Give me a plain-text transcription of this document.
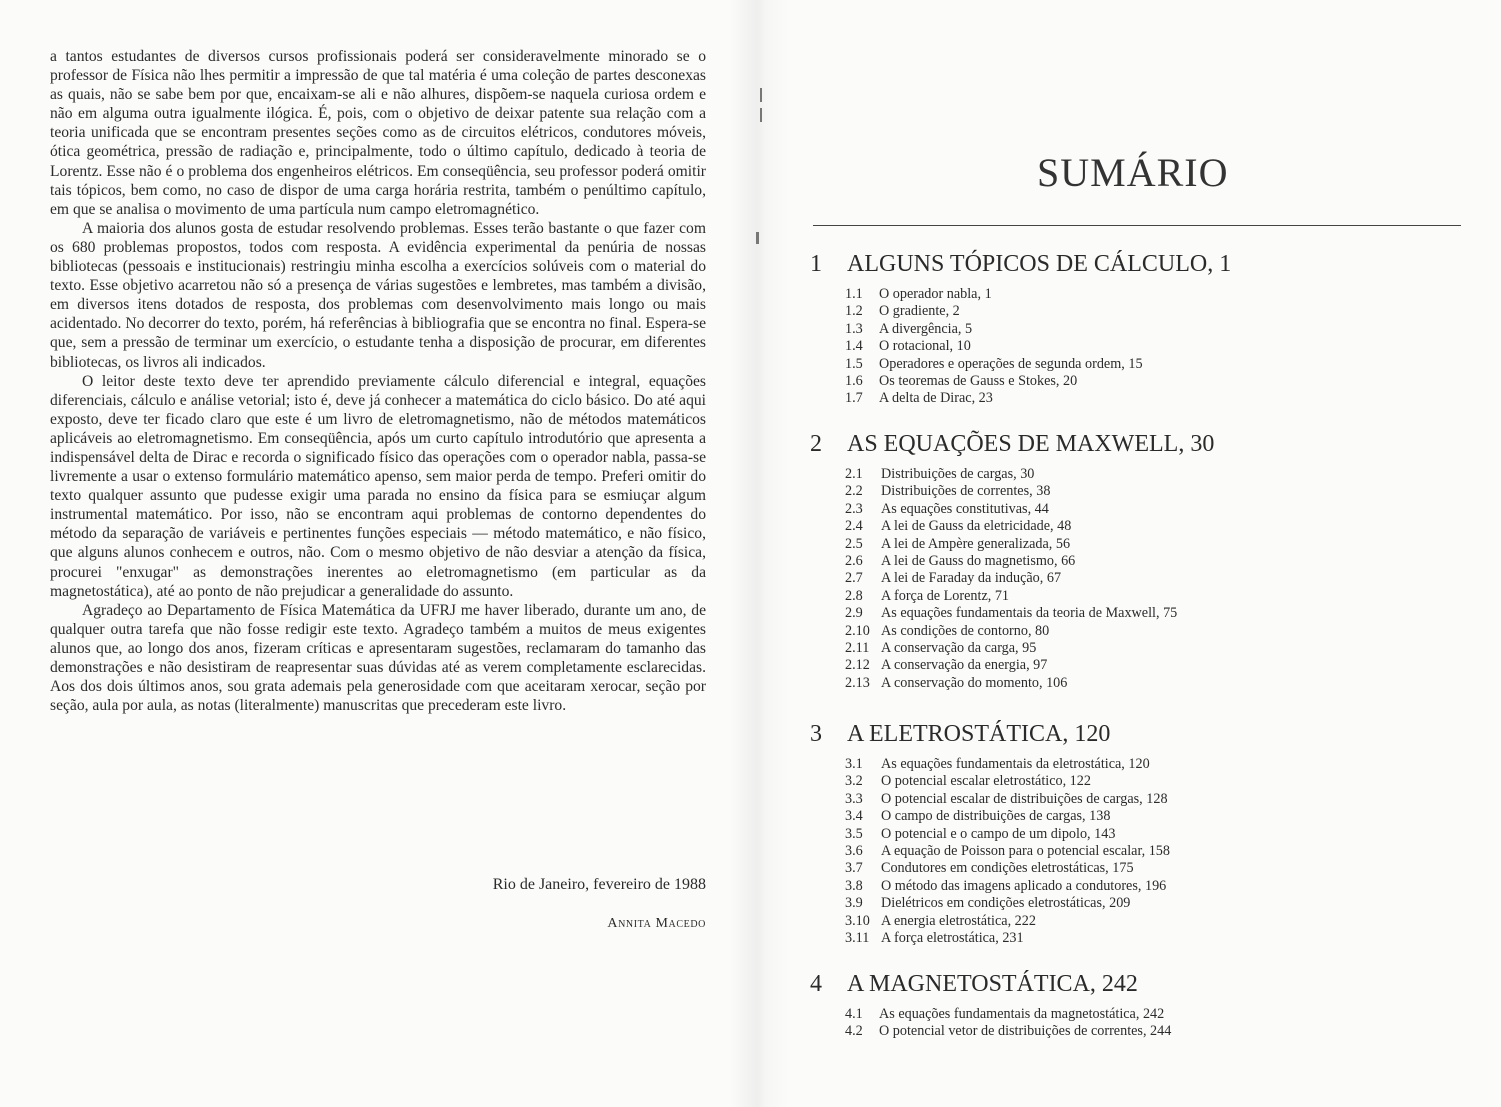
a tantos estudantes de diversos cursos profissionais poderá ser consideravelmente minorado se o professor de Física não lhes permitir a impressão de que tal matéria é uma coleção de partes desconexas as quais, não se sabe bem por que, encaixam-se ali e não alhures, dispõem-se naquela curiosa ordem e não em alguma outra igualmente ilógica. É, pois, com o objetivo de deixar patente sua relação com a teoria unificada que se encontram presentes seções como as de circuitos elétricos, condutores móveis, ótica geométrica, pressão de radiação e, principalmente, todo o último capítulo, dedicado à teoria de Lorentz. Esse não é o problema dos engenheiros elétricos. Em conseqüência, seu professor poderá omitir tais tópicos, bem como, no caso de dispor de uma carga horária restrita, também o penúltimo capítulo, em que se analisa o movimento de uma partícula num campo eletromagnético.

A maioria dos alunos gosta de estudar resolvendo problemas. Esses terão bastante o que fazer com os 680 problemas propostos, todos com resposta. A evidência experimental da penúria de nossas bibliotecas (pessoais e institucionais) restringiu minha escolha a exercícios solúveis com o material do texto. Esse objetivo acarretou não só a presença de várias sugestões e lembretes, mas também a divisão, em diversos itens dotados de resposta, dos problemas com desenvolvimento mais longo ou mais acidentado. No decorrer do texto, porém, há referências à bibliografia que se encontra no final. Espera-se que, sem a pressão de terminar um exercício, o estudante tenha a disposição de procurar, em diferentes bibliotecas, os livros ali indicados.

O leitor deste texto deve ter aprendido previamente cálculo diferencial e integral, equações diferenciais, cálculo e análise vetorial; isto é, deve já conhecer a matemática do ciclo básico. Do até aqui exposto, deve ter ficado claro que este é um livro de eletromagnetismo, não de métodos matemáticos aplicáveis ao eletromagnetismo. Em conseqüência, após um curto capítulo introdutório que apresenta a indispensável delta de Dirac e recorda o significado físico das operações com o operador nabla, passa-se livremente a usar o extenso formulário matemático apenso, sem maior perda de tempo. Preferi omitir do texto qualquer assunto que pudesse exigir uma parada no ensino da física para se esmiuçar algum instrumental matemático. Por isso, não se encontram aqui problemas de contorno dependentes do método da separação de variáveis e pertinentes funções especiais — método matemático, e não físico, que alguns alunos conhecem e outros, não. Com o mesmo objetivo de não desviar a atenção da física, procurei "enxugar" as demonstrações inerentes ao eletromagnetismo (em particular as da magnetostática), até ao ponto de não prejudicar a generalidade do assunto.

Agradeço ao Departamento de Física Matemática da UFRJ me haver liberado, durante um ano, de qualquer outra tarefa que não fosse redigir este texto. Agradeço também a muitos de meus exigentes alunos que, ao longo dos anos, fizeram críticas e apresentaram sugestões, reclamaram do tamanho das demonstrações e não desistiram de reapresentar suas dúvidas até as verem completamente esclarecidas. Aos dos dois últimos anos, sou grata ademais pela generosidade com que aceitaram xerocar, seção por seção, aula por aula, as notas (literalmente) manuscritas que precederam este livro.

Rio de Janeiro, fevereiro de 1988
Annita Macedo
SUMÁRIO
1	ALGUNS TÓPICOS DE CÁLCULO, 1
1.1	O operador nabla, 1
1.2	O gradiente, 2
1.3	A divergência, 5
1.4	O rotacional, 10
1.5	Operadores e operações de segunda ordem, 15
1.6	Os teoremas de Gauss e Stokes, 20
1.7	A delta de Dirac, 23
2	AS EQUAÇÕES DE MAXWELL, 30
2.1	Distribuições de cargas, 30
2.2	Distribuições de correntes, 38
2.3	As equações constitutivas, 44
2.4	A lei de Gauss da eletricidade, 48
2.5	A lei de Ampère generalizada, 56
2.6	A lei de Gauss do magnetismo, 66
2.7	A lei de Faraday da indução, 67
2.8	A força de Lorentz, 71
2.9	As equações fundamentais da teoria de Maxwell, 75
2.10 As condições de contorno, 80
2.11 A conservação da carga, 95
2.12 A conservação da energia, 97
2.13 A conservação do momento, 106
3	A ELETROSTÁTICA, 120
3.1	As equações fundamentais da eletrostática, 120
3.2	O potencial escalar eletrostático, 122
3.3	O potencial escalar de distribuições de cargas, 128
3.4	O campo de distribuições de cargas, 138
3.5	O potencial e o campo de um dipolo, 143
3.6	A equação de Poisson para o potencial escalar, 158
3.7	Condutores em condições eletrostáticas, 175
3.8	O método das imagens aplicado a condutores, 196
3.9	Dielétricos em condições eletrostáticas, 209
3.10 A energia eletrostática, 222
3.11 A força eletrostática, 231
4	A MAGNETOSTÁTICA, 242
4.1	As equações fundamentais da magnetostática, 242
4.2	O potencial vetor de distribuições de correntes, 244
